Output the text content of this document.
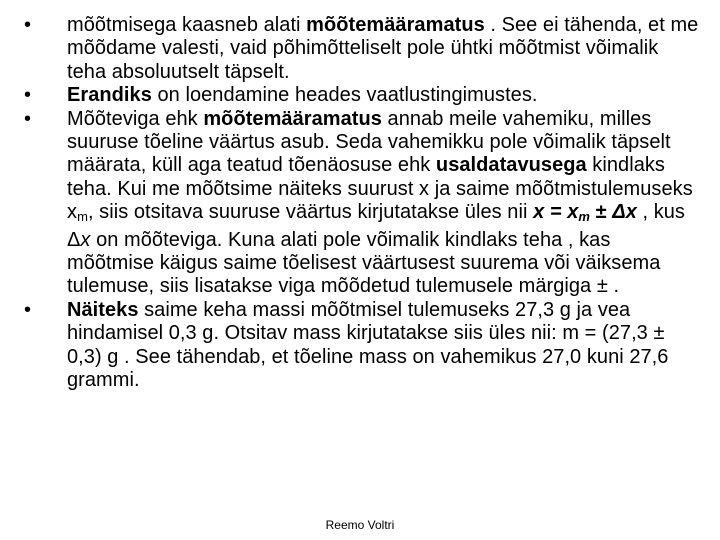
• mõõtmisega kaasneb alati mõõtemääramatus . See ei tähenda, et me mõõdame valesti, vaid põhimõtteliselt pole ühtki mõõtmist võimalik teha absoluutselt täpselt.
• Erandiks on loendamine heades vaatlustingimustes.
• Mõõteviga ehk mõõtemääramatus annab meile vahemiku, milles suuruse tõeline väärtus asub. Seda vahemikku pole võimalik täpselt määrata, küll aga teatud tõenäosuse ehk usaldatavusega kindlaks teha. Kui me mõõtsime näiteks suurust x ja saime mõõtmistulemuseks $x_m$, siis otsitava suuruse väärtus kirjutatakse üles nii $x = x_m \pm \Delta x$ , kus Δx on mõõteviga. Kuna alati pole võimalik kindlaks teha , kas mõõtmise käigus saime tõelisest väärtusest suurema või väiksema tulemuse, siis lisatakse viga mõõdetud tulemusele märgiga ± .
• Näiteks saime keha massi mõõtmisel tulemuseks 27,3 g ja vea hindamisel 0,3 g. Otsitav mass kirjutatakse siis üles nii: m = (27,3 ± 0,3) g . See tähendab, et tõeline mass on vahemikus 27,0 kuni 27,6 grammi.
Reemo Voltri
